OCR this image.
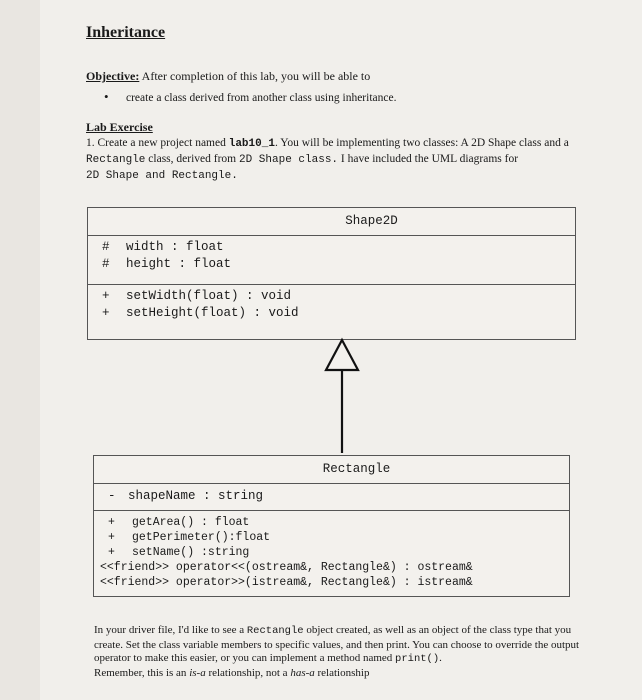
Inheritance
Objective: After completion of this lab, you will be able to
• create a class derived from another class using inheritance.
Lab Exercise
1. Create a new project named lab10_1. You will be implementing two classes: A 2D Shape class and a Rectangle class, derived from 2D Shape class. I have included the UML diagrams for
2D Shape and Rectangle.
Shape2D
# width : float
# height : float
+ setWidth(float) : void
+ setHeight(float) : void
Rectangle
- shapeName : string
+ getArea() : float
+ getPerimeter():float
+ setName() :string
<<friend>> operator<<(ostream&, Rectangle&) : ostream&
<<friend>> operator>>(istream&, Rectangle&) : istream&
In your driver file, I'd like to see a Rectangle object created, as well as an object of the class type that you create. Set the class variable members to specific values, and then print. You can choose to override the output operator to make this easier, or you can implement a method named print().
Remember, this is an is-a relationship, not a has-a relationship
